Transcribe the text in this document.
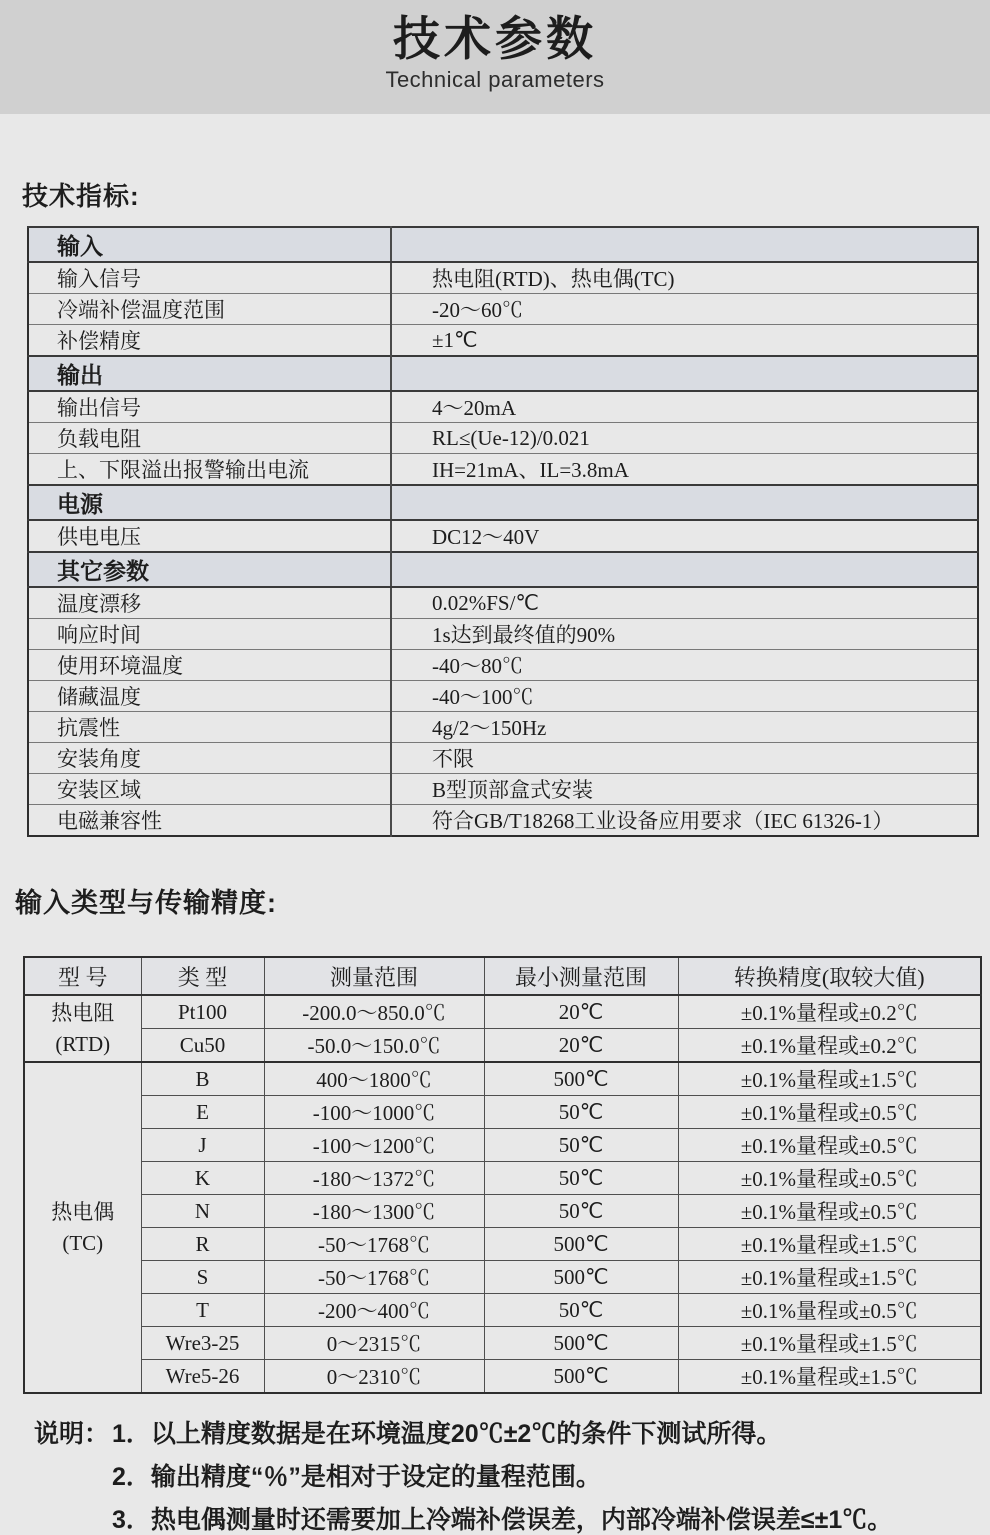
技术参数
Technical parameters
技术指标:
输入	
输入信号	热电阻(RTD)、热电偶(TC)
冷端补偿温度范围	-20～60℃
补偿精度	±1℃
输出	
输出信号	4～20mA
负载电阻	RL≤(Ue-12)/0.021
上、下限溢出报警输出电流	IH=21mA、IL=3.8mA
电源	
供电电压	DC12～40V
其它参数	
温度漂移	0.02%FS/℃
响应时间	1s达到最终值的90%
使用环境温度	-40～80℃
储藏温度	-40～100℃
抗震性	4g/2～150Hz
安装角度	不限
安装区域	B型顶部盒式安装
电磁兼容性	符合GB/T18268工业设备应用要求（IEC 61326-1）
输入类型与传输精度:
型 号	类 型	测量范围	最小测量范围	转换精度(取较大值)

热电阻
(RTD)	Pt100	-200.0～850.0℃	20℃	±0.1%量程或±0.2℃
	Cu50	-50.0～150.0℃	20℃	±0.1%量程或±0.2℃

热电偶
(TC)	B	400～1800℃	500℃	±0.1%量程或±1.5℃
	E	-100～1000℃	50℃	±0.1%量程或±0.5℃
	J	-100～1200℃	50℃	±0.1%量程或±0.5℃
	K	-180～1372℃	50℃	±0.1%量程或±0.5℃
	N	-180～1300℃	50℃	±0.1%量程或±0.5℃
	R	-50～1768℃	500℃	±0.1%量程或±1.5℃
	S	-50～1768℃	500℃	±0.1%量程或±1.5℃
	T	-200～400℃	50℃	±0.1%量程或±0.5℃
	Wre3-25	0～2315℃	500℃	±0.1%量程或±1.5℃
	Wre5-26	0～2310℃	500℃	±0.1%量程或±1.5℃
说明： 1．以上精度数据是在环境温度20℃±2℃的条件下测试所得。
2．输出精度“％”是相对于设定的量程范围。
3．热电偶测量时还需要加上冷端补偿误差，内部冷端补偿误差≤±1℃。
